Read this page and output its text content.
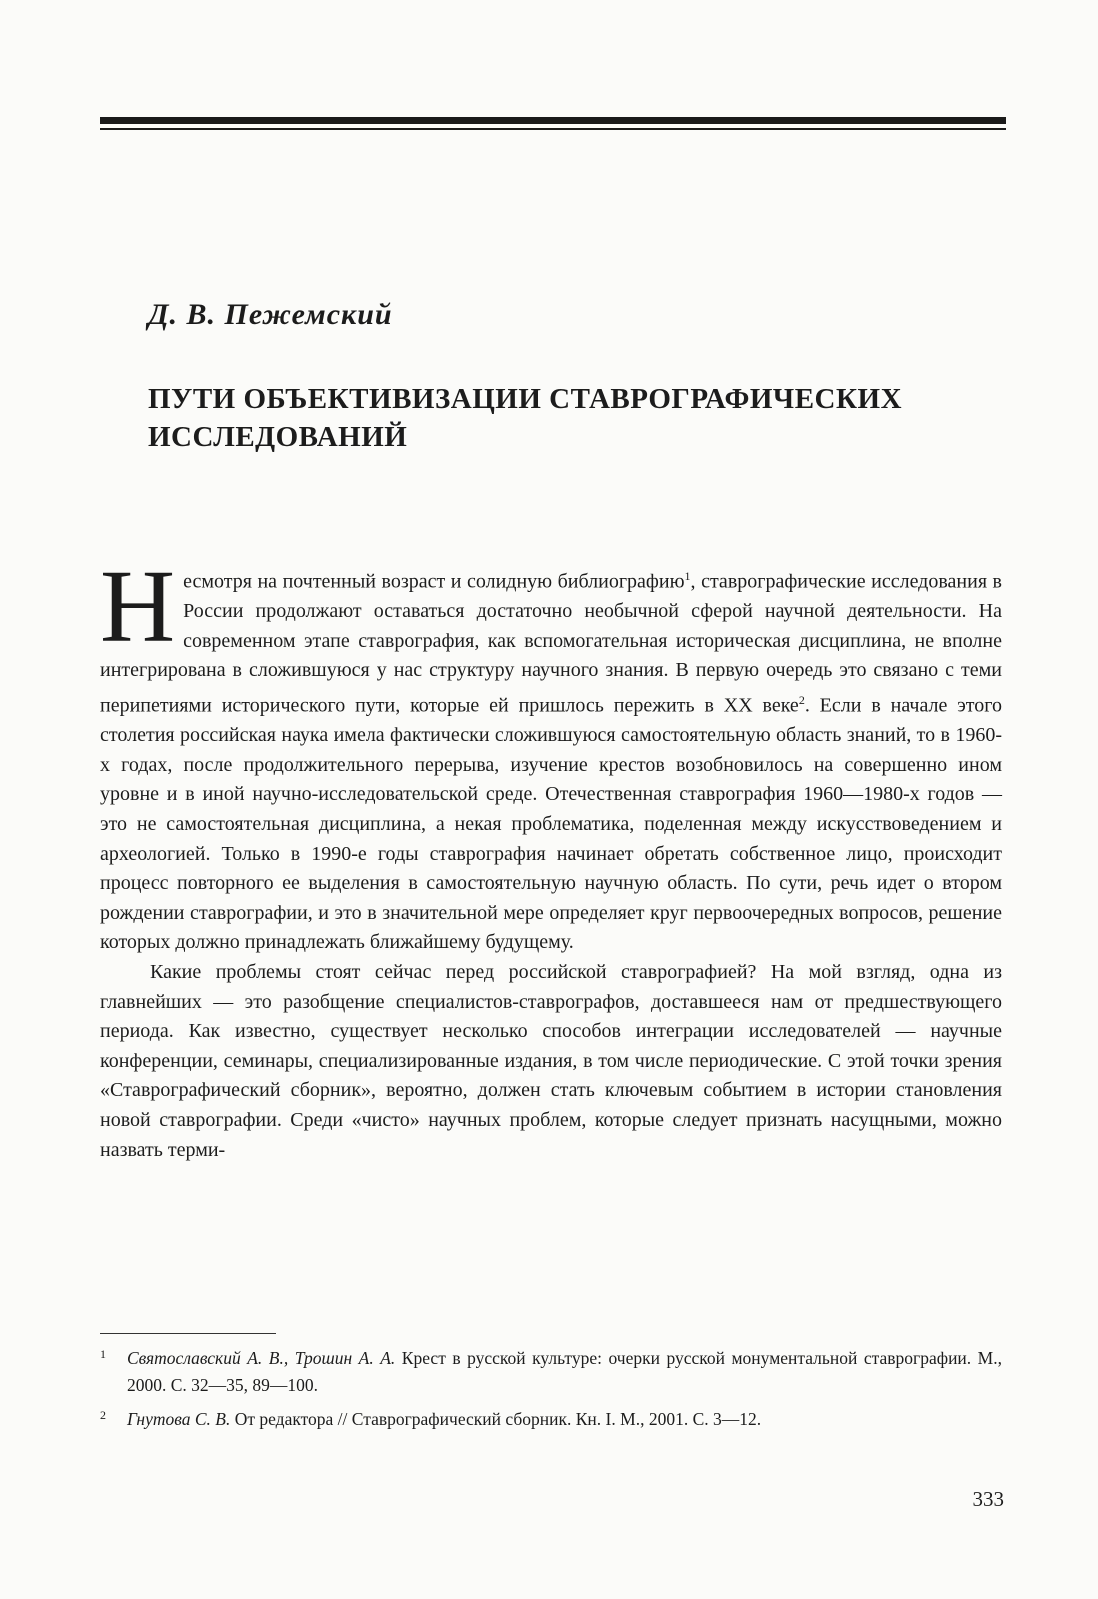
Д. В. Пежемский
ПУТИ ОБЪЕКТИВИЗАЦИИ СТАВРОГРАФИЧЕСКИХ
ИССЛЕДОВАНИЙ

Несмотря на почтенный возраст и солидную библиографию$^1$, ставрографические исследования в России продолжают оставаться достаточно необычной сферой научной деятельности. На современном этапе ставрография, как вспомогательная историческая дисциплина, не вполне интегрирована в сложившуюся у нас структуру научного знания. В первую очередь это связано с теми перипетиями исторического пути, которые ей пришлось пережить в XX веке$^2$. Если в начале этого столетия российская наука имела фактически сложившуюся самостоятельную область знаний, то в 1960-х годах, после продолжительного перерыва, изучение крестов возобновилось на совершенно ином уровне и в иной научно-исследовательской среде. Отечественная ставрография 1960—1980-х годов — это не самостоятельная дисциплина, а некая проблематика, поделенная между искусствоведением и археологией. Только в 1990-е годы ставрография начинает обретать собственное лицо, происходит процесс повторного ее выделения в самостоятельную научную область. По сути, речь идет о втором рождении ставрографии, и это в значительной мере определяет круг первоочередных вопросов, решение которых должно принадлежать ближайшему будущему.

Какие проблемы стоят сейчас перед российской ставрографией? На мой взгляд, одна из главнейших — это разобщение специалистов-ставрографов, доставшееся нам от предшествующего периода. Как известно, существует несколько способов интеграции исследователей — научные конференции, семинары, специализированные издания, в том числе периодические. С этой точки зрения «Ставрографический сборник», вероятно, должен стать ключевым событием в истории становления новой ставрографии. Среди «чисто» научных проблем, которые следует признать насущными, можно назвать терми-

1 Святославский А. В., Трошин А. А. Крест в русской культуре: очерки русской монументальной ставрографии. М., 2000. С. 32—35, 89—100.
2 Гнутова С. В. От редактора // Ставрографический сборник. Кн. I. М., 2001. С. 3—12.
333
